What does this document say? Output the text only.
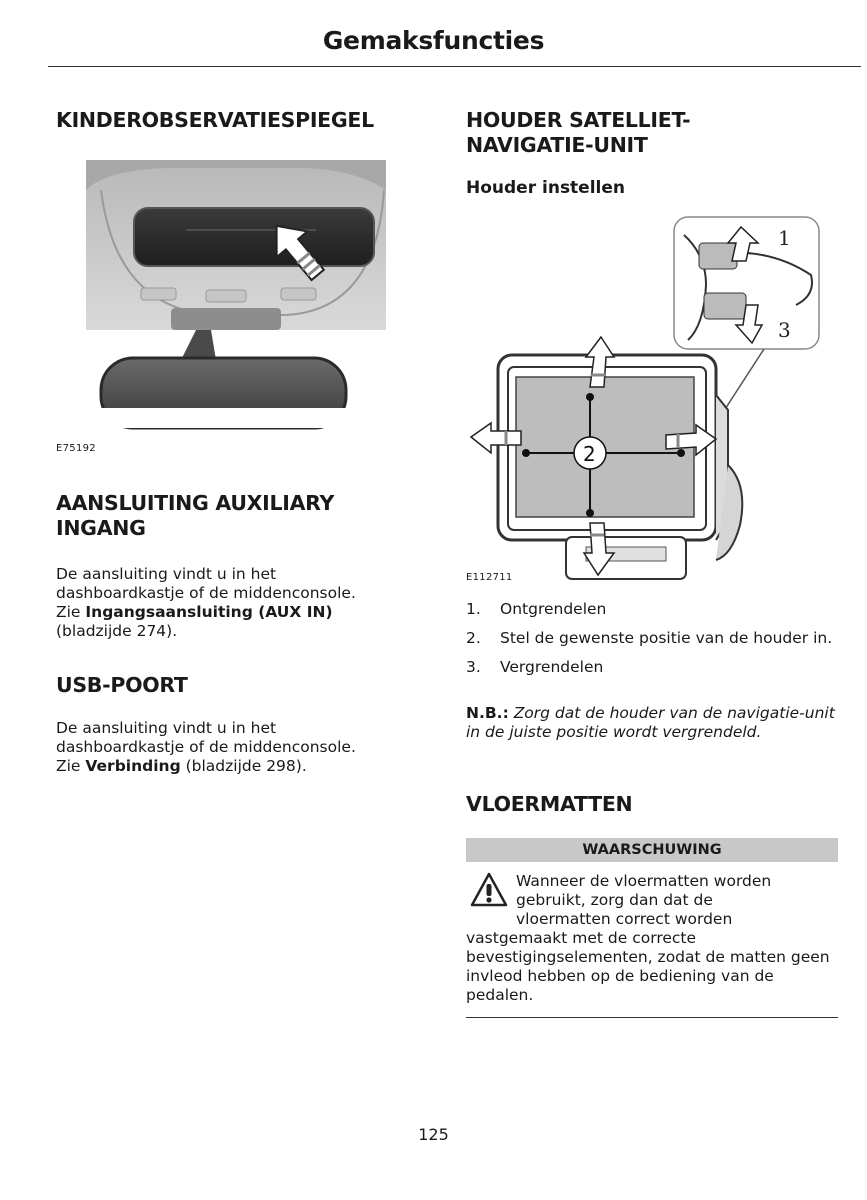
Gemaksfuncties
KINDEROBSERVATIESPIEGEL
E75192
AANSLUITING AUXILIARY
INGANG

De aansluiting vindt u in het
dashboardkastje of de middenconsole.
Zie Ingangsaansluiting (AUX IN)
(bladzijde 274).

USB-POORT

De aansluiting vindt u in het
dashboardkastje of de middenconsole.
Zie Verbinding (bladzijde 298).

HOUDER SATELLIET-
NAVIGATIE-UNIT
Houder instellen
1
3
2
E112711
1. Ontgrendelen
2. Stel de gewenste positie van de houder in.
3. Vergrendelen

N.B.: Zorg dat de houder van de navigatie-unit in de juiste positie wordt vergrendeld.

VLOERMATTEN
WAARSCHUWING

Wanneer de vloermatten worden
gebruikt, zorg dan dat de
vloermatten correct worden
vastgemaakt met de correcte bevestigingselementen, zodat de matten geen invleod hebben op de bediening van de pedalen.

125
